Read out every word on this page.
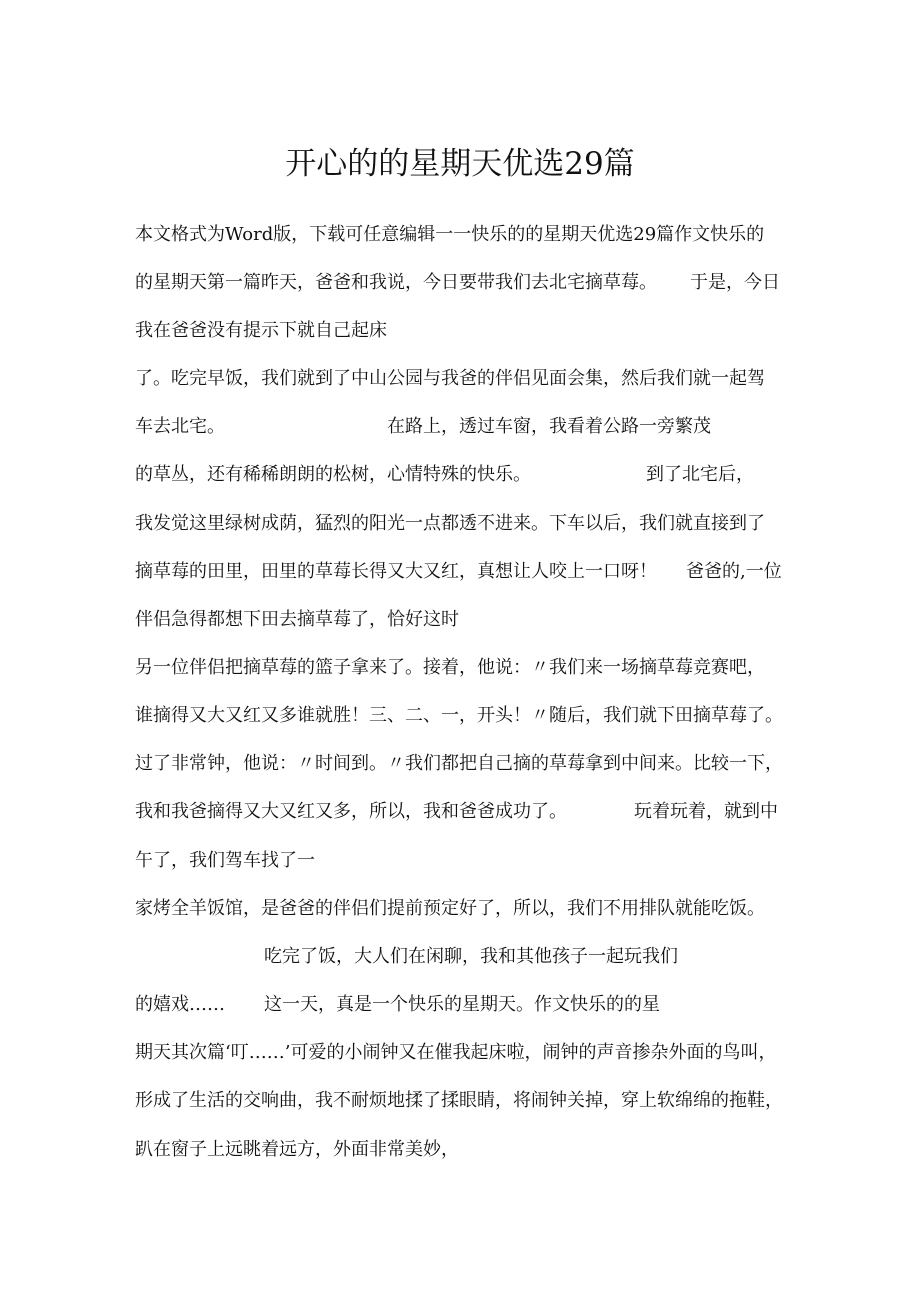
开心的的星期天优选29篇
本文格式为Word版，下载可任意编辑一一快乐的的星期天优选29篇作文快乐的
的星期天第一篇昨天，爸爸和我说，今日要带我们去北宅摘草莓。 于是，今日
我在爸爸没有提示下就自己起床
了。吃完早饭，我们就到了中山公园与我爸的伴侣见面会集，然后我们就一起驾
车去北宅。	在路上，透过车窗，我看着公路一旁繁茂
的草丛，还有稀稀朗朗的松树，心情特殊的快乐。	到了北宅后，
我发觉这里绿树成荫，猛烈的阳光一点都透不进来。下车以后，我们就直接到了
摘草莓的田里，田里的草莓长得又大又红，真想让人咬上一口呀！ 爸爸的,一位
伴侣急得都想下田去摘草莓了，恰好这时
另一位伴侣把摘草莓的篮子拿来了。接着，他说：〃我们来一场摘草莓竞赛吧，
谁摘得又大又红又多谁就胜！三、二、一，开头！〃随后，我们就下田摘草莓了。
过了非常钟，他说：〃时间到。〃我们都把自己摘的草莓拿到中间来。比较一下，
我和我爸摘得又大又红又多，所以，我和爸爸成功了。	玩着玩着，就到中
午了，我们驾车找了一
家烤全羊饭馆，是爸爸的伴侣们提前预定好了，所以，我们不用排队就能吃饭。
吃完了饭，大人们在闲聊，我和其他孩子一起玩我们
的嬉戏…… 这一天，真是一个快乐的星期天。作文快乐的的星
期天其次篇‘叮……’可爱的小闹钟又在催我起床啦，闹钟的声音掺杂外面的鸟叫，
形成了生活的交响曲，我不耐烦地揉了揉眼睛，将闹钟关掉，穿上软绵绵的拖鞋，
趴在窗子上远眺着远方，外面非常美妙，
